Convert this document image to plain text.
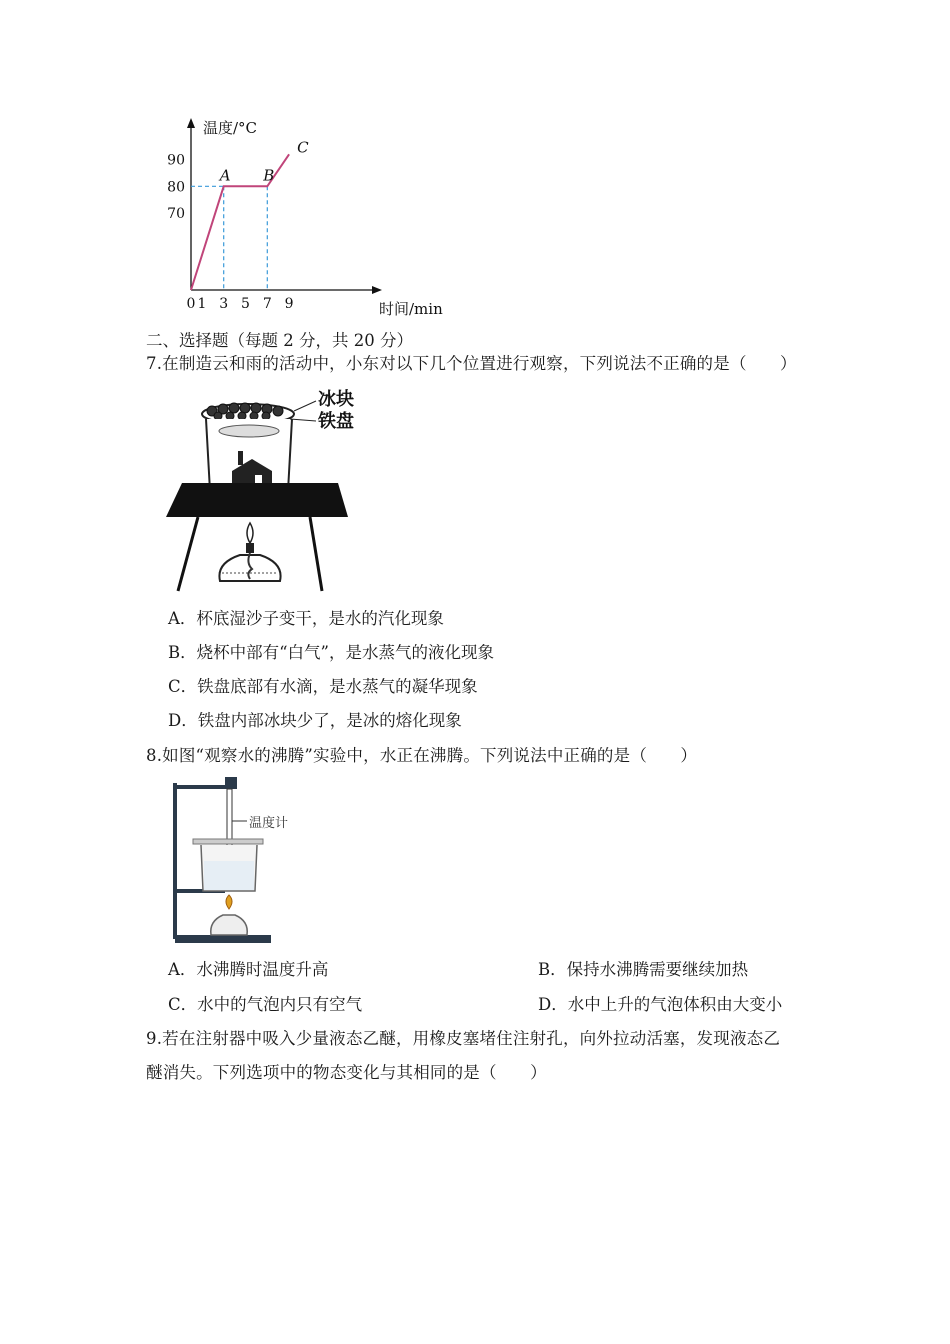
温度/°C
时间/min
0 1 3 5 7 9
70
80
90
A B
C
二、选择题（每题 2 分，共 20 分）
7.在制造云和雨的活动中，小东对以下几个位置进行观察，下列说法不正确的是（　　）
冰块
铁盘
A．杯底湿沙子变干，是水的汽化现象
B．烧杯中部有“白气”，是水蒸气的液化现象
C．铁盘底部有水滴，是水蒸气的凝华现象
D．铁盘内部冰块少了，是冰的熔化现象
8.如图“观察水的沸腾”实验中，水正在沸腾。下列说法中正确的是（　　）
温度计
A．水沸腾时温度升高	B．保持水沸腾需要继续加热
C．水中的气泡内只有空气	D．水中上升的气泡体积由大变小
9.若在注射器中吸入少量液态乙醚，用橡皮塞堵住注射孔，向外拉动活塞，发现液态乙
醚消失。下列选项中的物态变化与其相同的是（　　）
